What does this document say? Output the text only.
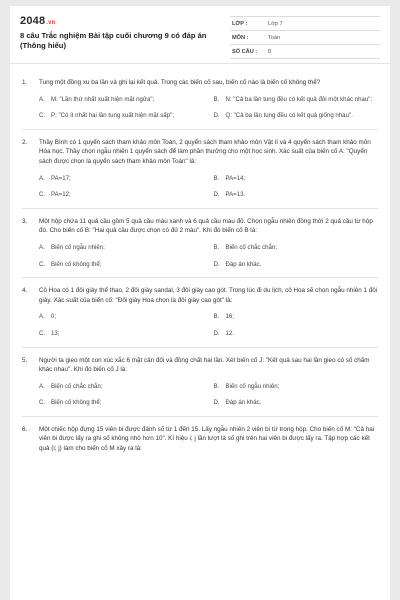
2048.vn
8 câu Trắc nghiệm Bài tập cuối chương 9 có đáp án (Thông hiểu)
LỚP :	Lớp 7
MÔN :	Toán
SỐ CÂU :	8
1.	Tung một đồng xu ba lần và ghi lại kết quả. Trong các biến cố sau, biến cố nào là biến cố không thể?
A.	M: "Lần thứ nhất xuất hiện mặt ngửa";	B.	N: "Cả ba lần tung đều có kết quả đôi một khác nhau";
C. P: "Có ít nhất hai lần tung xuất hiện mặt sấp";	D. Q: "Cả ba lần tung đều có kết quả giống nhau".
2.	Thầy Bình có 1 quyển sách tham khảo môn Toán, 2 quyển sách tham khảo môn Vật lí và 4 quyển sách tham khảo môn Hóa học. Thầy chọn ngẫu nhiên 1 quyển sách để làm phần thưởng cho một học sinh. Xác suất của biến cố A: "Quyển sách được chọn là quyển sách tham khảo môn Toán" là:
A.	PA=17;	B.	PA=14;
C. PA=12;	D. PA=13.
3.	Một hộp chứa 11 quả cầu gồm 5 quả cầu màu xanh và 6 quả cầu màu đỏ. Chọn ngẫu nhiên đồng thời 2 quả cầu từ hộp đó. Cho biến cố B: "Hai quả cầu được chọn có đủ 2 màu". Khi đó biến cố B là:
A.	Biến cố ngẫu nhiên;	B.	Biến cố chắc chắn;
C. Biến cố không thể;	D. Đáp án khác.
4.	Cô Hoa có 1 đôi giày thể thao, 2 đôi giày sandal, 3 đôi giày cao gót. Trong lúc đi du lịch, cô Hoa sẽ chọn ngẫu nhiên 1 đôi giày. Xác suất của biến cố: "Đôi giày Hoa chọn là đôi giày cao gót" là:
A.	0;	B.	16;
C. 13;	D. 12.
5.	Người ta gieo một con xúc xắc 6 mặt cân đối và đồng chất hai lần. Xét biến cố J: "Kết quả sau hai lần gieo có số chấm khác nhau". Khi đó biến cố J là:
A.	Biến cố chắc chắn;	B.	Biến cố ngẫu nhiên;
C. Biến cố không thể;	D. Đáp án khác.
6.	Một chiếc hộp đựng 15 viên bi được đánh số từ 1 đến 15. Lấy ngẫu nhiên 2 viên bi từ trong hộp. Cho biến cố M: "Cả hai viên bi được lấy ra ghi số không nhỏ hơn 10". Kí hiệu i; j lần lượt là số ghi trên hai viên bi được lấy ra. Tập hợp các kết quả (i; j) làm cho biến cố M xảy ra là:
